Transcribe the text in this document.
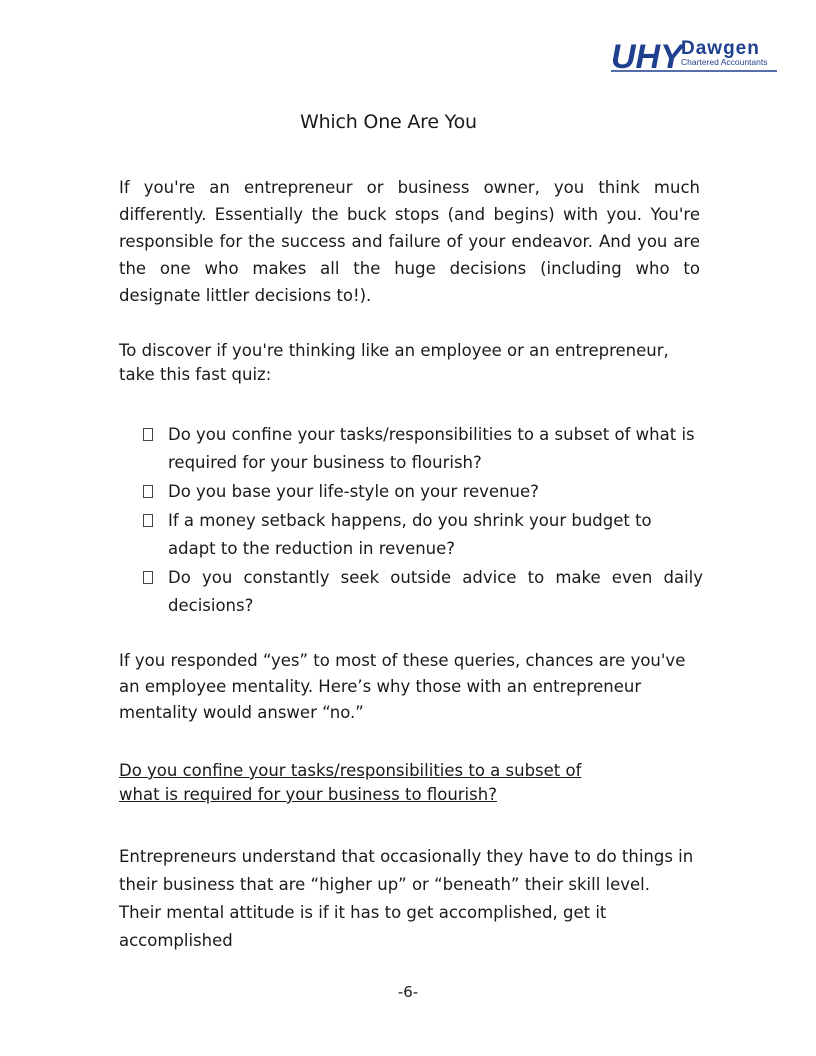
UHY
Dawgen
Chartered Accountants
Which One Are You
If you're an entrepreneur or business owner, you think much differently. Essentially the buck stops (and begins) with you. You're responsible for the success and failure of your endeavor. And you are the one who makes all the huge decisions (including who to designate littler decisions to!).
To discover if you're thinking like an employee or an entrepreneur, take this fast quiz:
Do you confine your tasks/responsibilities to a subset of what is required for your business to flourish?
Do you base your life-style on your revenue?
If a money setback happens, do you shrink your budget to adapt to the reduction in revenue?
Do you constantly seek outside advice to make even daily decisions?
If you responded “yes” to most of these queries, chances are you've an employee mentality. Here’s why those with an entrepreneur mentality would answer “no.”
Do you confine your tasks/responsibilities to a subset of what is required for your business to flourish?
Entrepreneurs understand that occasionally they have to do things in their business that are “higher up” or “beneath” their skill level. Their mental attitude is if it has to get accomplished, get it accomplished
-6-
